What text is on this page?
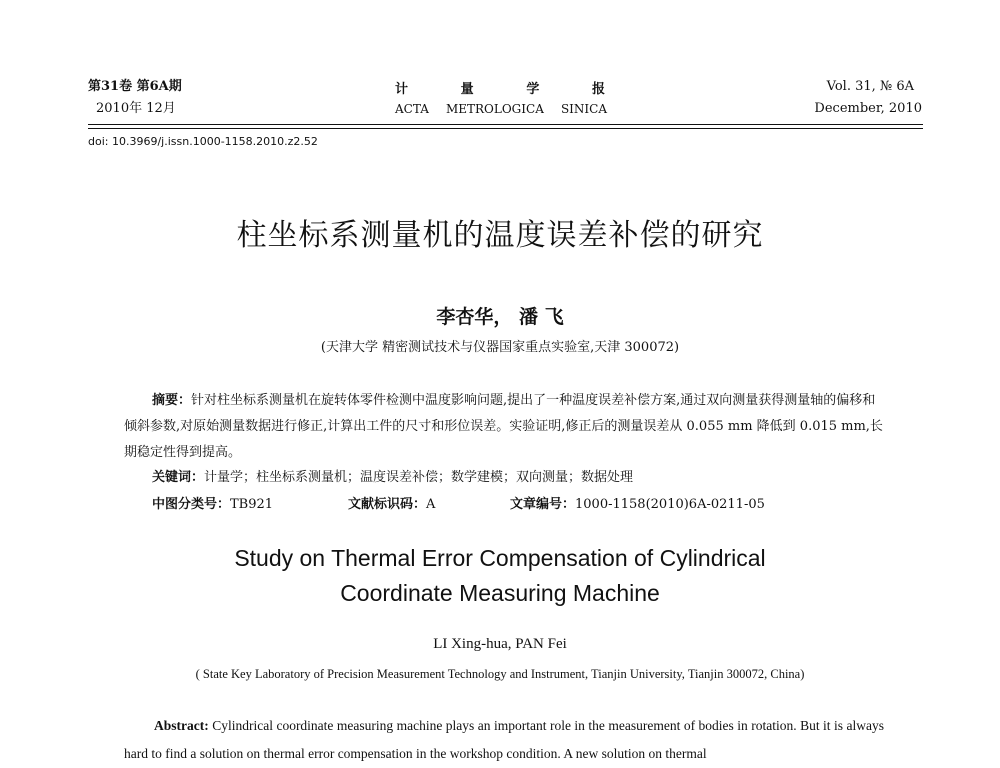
第31卷 第6A期
2010年 12月
计	量	学	报
ACTA METROLOGICA SINICA
Vol. 31, № 6A
December, 2010
doi: 10.3969/j.issn.1000-1158.2010.z2.52
柱坐标系测量机的温度误差补偿的研究
李杏华， 潘 飞
(天津大学 精密测试技术与仪器国家重点实验室,天津 300072)
摘要：针对柱坐标系测量机在旋转体零件检测中温度影响问题,提出了一种温度误差补偿方案,通过双向测量获得测量轴的偏移和倾斜参数,对原始测量数据进行修正,计算出工件的尺寸和形位误差。实验证明,修正后的测量误差从 0.055 mm 降低到 0.015 mm,长期稳定性得到提高。
关键词：计量学；柱坐标系测量机；温度误差补偿；数学建模；双向测量；数据处理
中图分类号：TB921	文献标识码：A	文章编号：1000-1158(2010)6A-0211-05
Study on Thermal Error Compensation of Cylindrical
Coordinate Measuring Machine
LI Xing-hua, PAN Fei
( State Key Laboratory of Precision Measurement Technology and Instrument, Tianjin University, Tianjin 300072, China)
Abstract: Cylindrical coordinate measuring machine plays an important role in the measurement of bodies in rotation. But it is always hard to find a solution on thermal error compensation in the workshop condition. A new solution on thermal
